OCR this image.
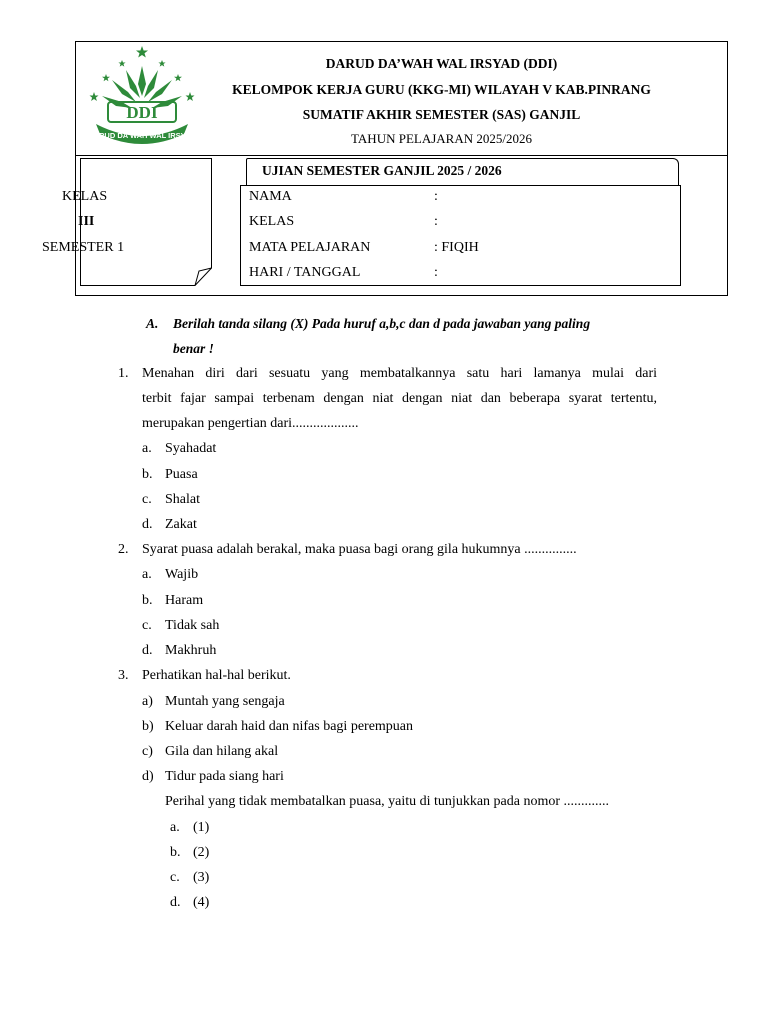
DDI
DARUD DA'WAH WAL IRSYAD
DARUD DA’WAH WAL IRSYAD (DDI)
KELOMPOK KERJA GURU (KKG-MI) WILAYAH V KAB.PINRANG
SUMATIF AKHIR SEMESTER (SAS) GANJIL
TAHUN PELAJARAN 2025/2026
KELAS
III
SEMESTER 1
UJIAN SEMESTER GANJIL 2025 / 2026
NAMA	:
KELAS	:
MATA PELAJARAN	: FIQIH
HARI / TANGGAL	:
A. Berilah tanda silang (X) Pada huruf a,b,c dan d pada jawaban yang paling
benar !
1. Menahan diri dari sesuatu yang membatalkannya satu hari lamanya mulai dari
terbit fajar sampai terbenam dengan niat dengan niat dan beberapa syarat tertentu,
merupakan pengertian dari...................
a. Syahadat
b. Puasa
c. Shalat
d. Zakat
2. Syarat puasa adalah berakal, maka puasa bagi orang gila hukumnya ...............
a. Wajib
b. Haram
c. Tidak sah
d. Makhruh
3. Perhatikan hal-hal berikut.
a) Muntah yang sengaja
b) Keluar darah haid dan nifas bagi perempuan
c) Gila dan hilang akal
d) Tidur pada siang hari
Perihal yang tidak membatalkan puasa, yaitu di tunjukkan pada nomor .............
a. (1)
b. (2)
c. (3)
d. (4)
